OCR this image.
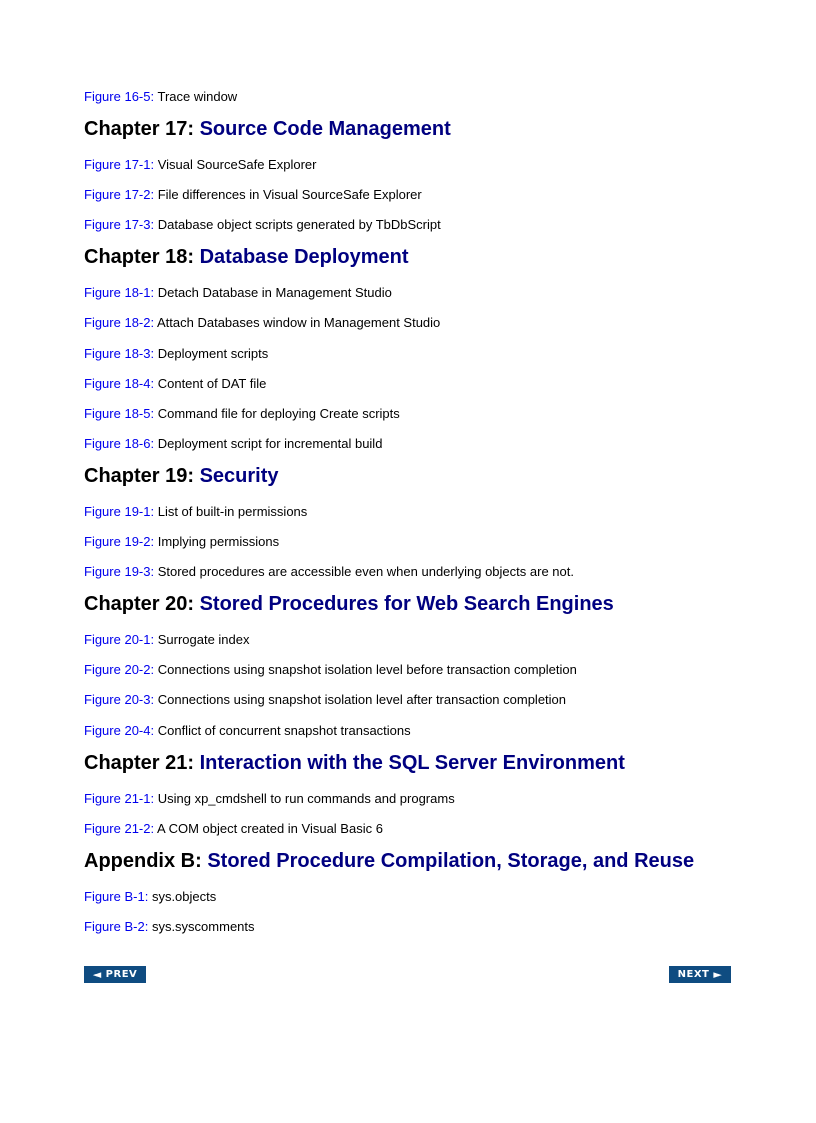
Figure 16-5: Trace window
Chapter 17: Source Code Management
Figure 17-1: Visual SourceSafe Explorer
Figure 17-2: File differences in Visual SourceSafe Explorer
Figure 17-3: Database object scripts generated by TbDbScript
Chapter 18: Database Deployment
Figure 18-1: Detach Database in Management Studio
Figure 18-2: Attach Databases window in Management Studio
Figure 18-3: Deployment scripts
Figure 18-4: Content of DAT file
Figure 18-5: Command file for deploying Create scripts
Figure 18-6: Deployment script for incremental build
Chapter 19: Security
Figure 19-1: List of built-in permissions
Figure 19-2: Implying permissions
Figure 19-3: Stored procedures are accessible even when underlying objects are not.
Chapter 20: Stored Procedures for Web Search Engines
Figure 20-1: Surrogate index
Figure 20-2: Connections using snapshot isolation level before transaction completion
Figure 20-3: Connections using snapshot isolation level after transaction completion
Figure 20-4: Conflict of concurrent snapshot transactions
Chapter 21: Interaction with the SQL Server Environment
Figure 21-1: Using xp_cmdshell to run commands and programs
Figure 21-2: A COM object created in Visual Basic 6
Appendix B: Stored Procedure Compilation, Storage, and Reuse
Figure B-1: sys.objects
Figure B-2: sys.syscomments
◄ PREV	NEXT ►
